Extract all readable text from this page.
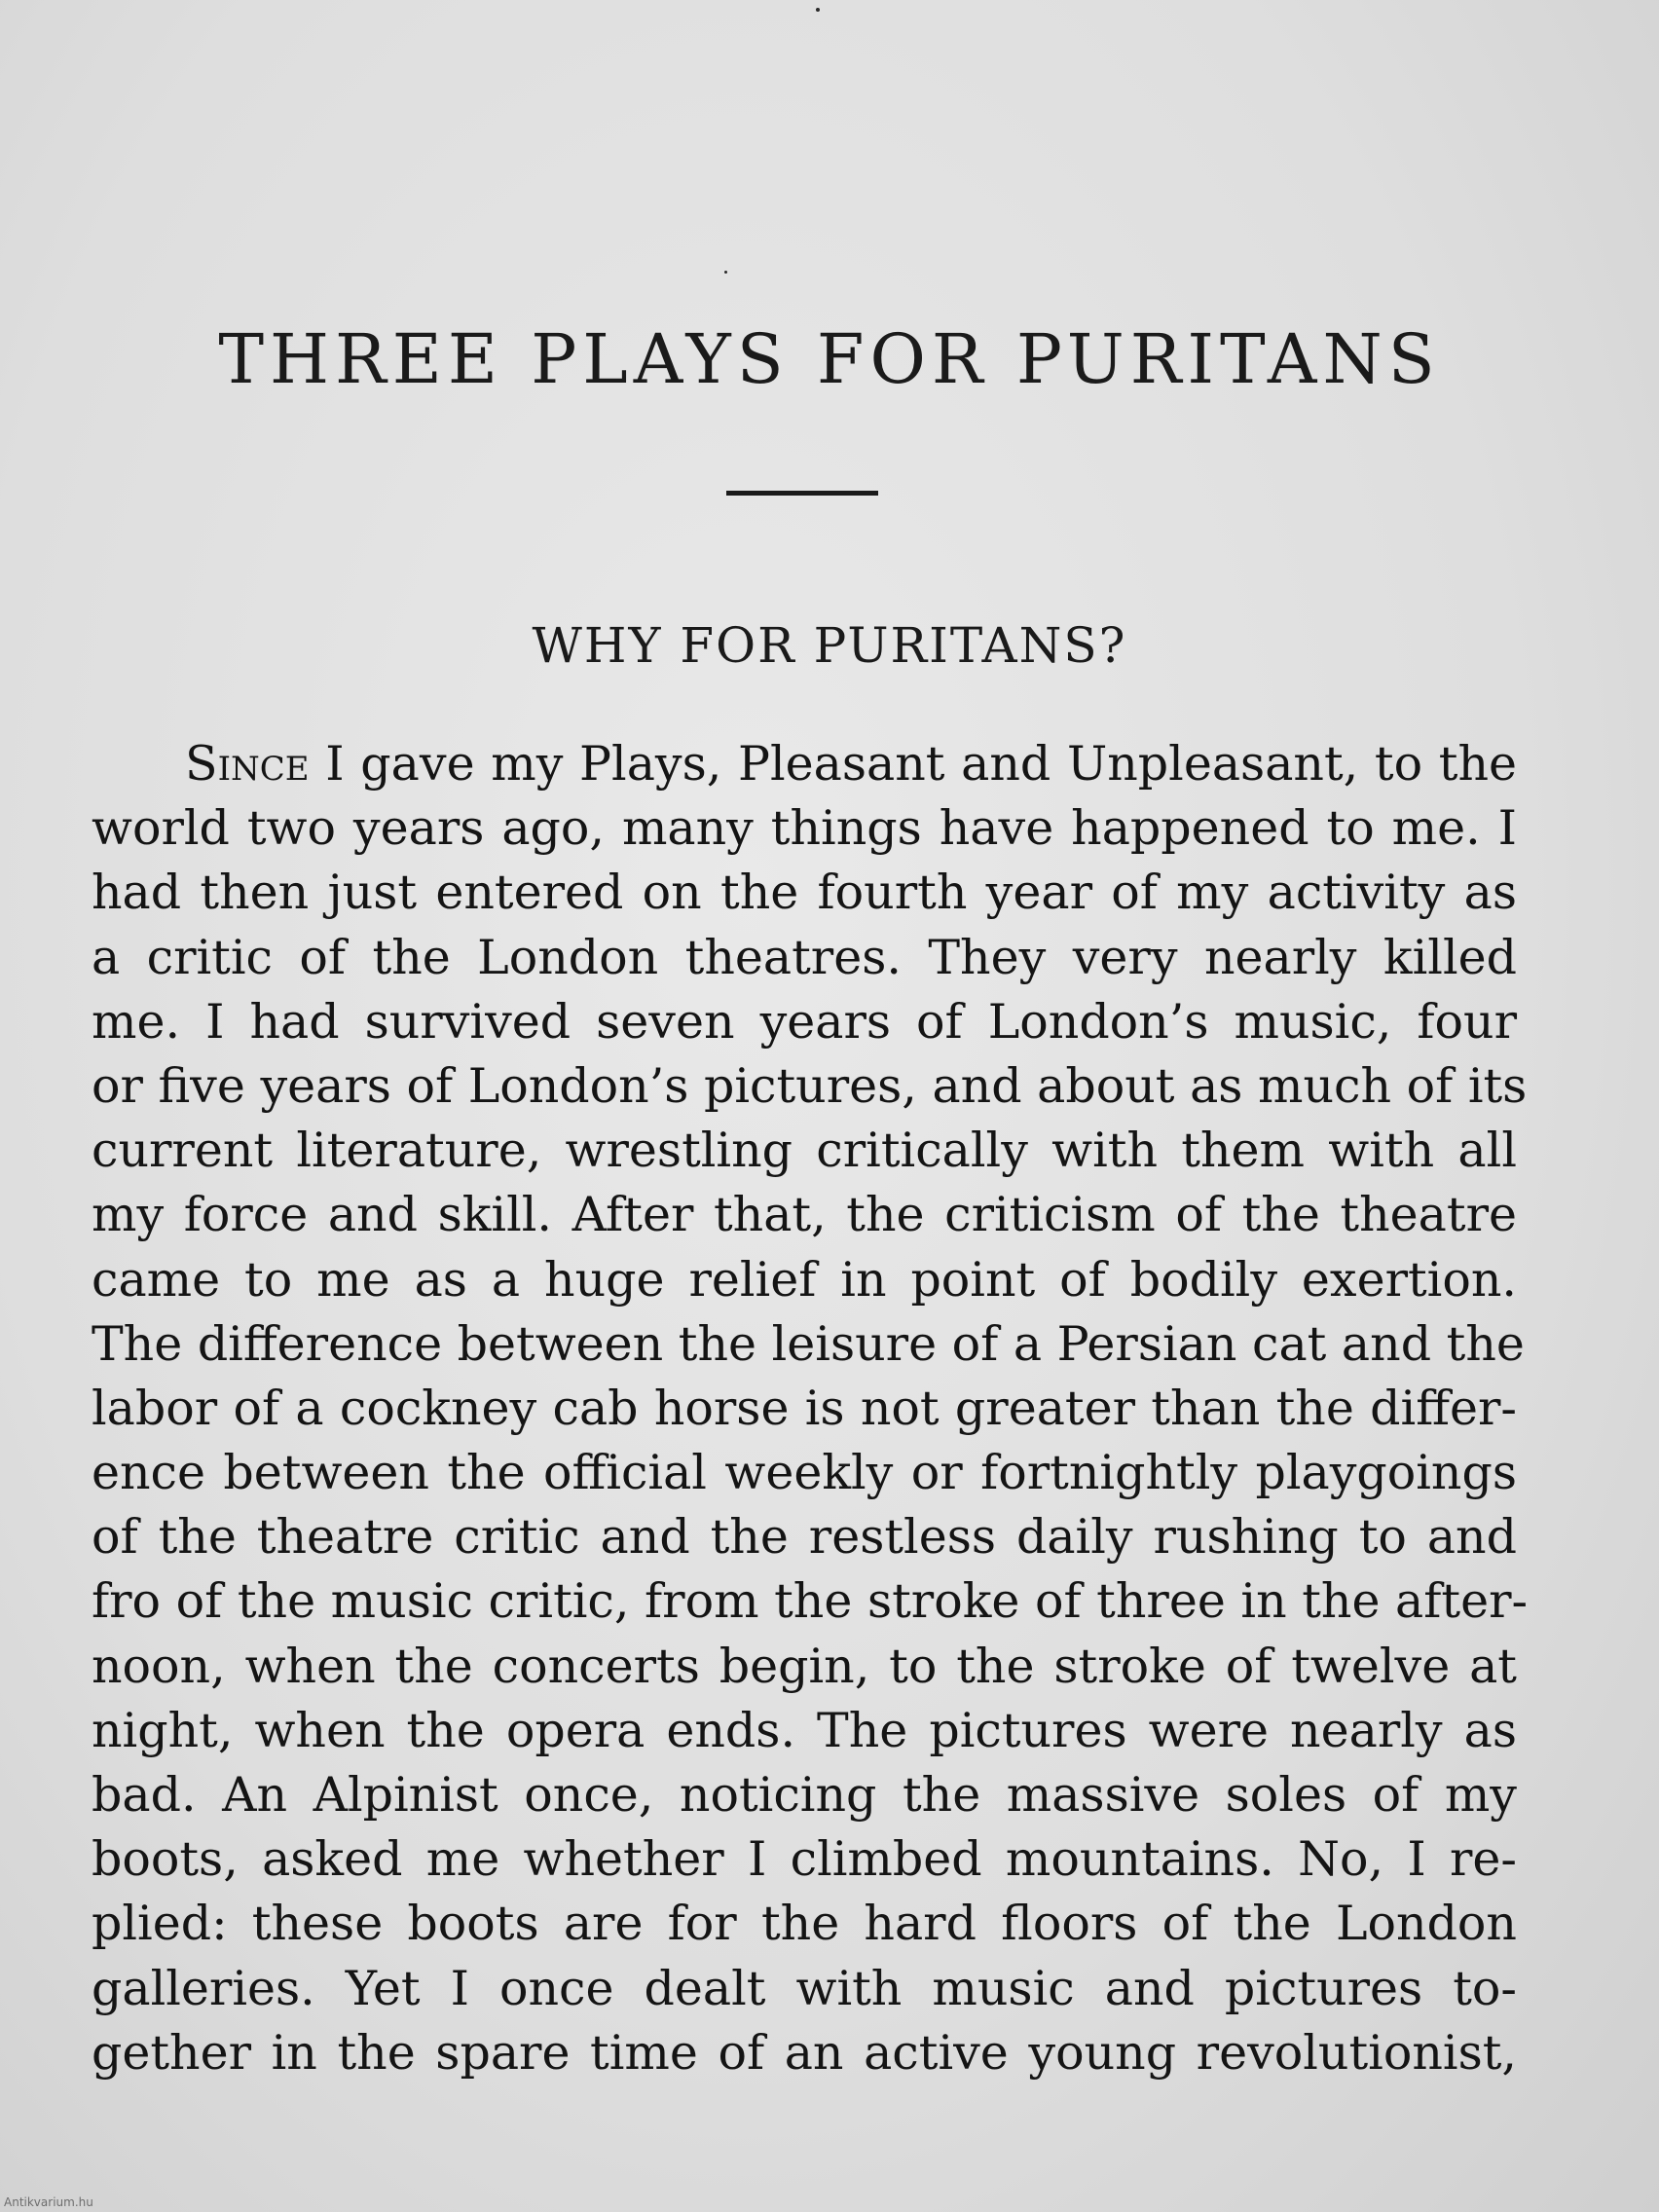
THREE PLAYS FOR PURITANS
WHY FOR PURITANS?
Since I gave my Plays, Pleasant and Unpleasant, to the
world two years ago, many things have happened to me. I
had then just entered on the fourth year of my activity as
a critic of the London theatres. They very nearly killed
me. I had survived seven years of London’s music, four
or five years of London’s pictures, and about as much of its
current literature, wrestling critically with them with all
my force and skill. After that, the criticism of the theatre
came to me as a huge relief in point of bodily exertion.
The difference between the leisure of a Persian cat and the
labor of a cockney cab horse is not greater than the differ-
ence between the official weekly or fortnightly playgoings
of the theatre critic and the restless daily rushing to and
fro of the music critic, from the stroke of three in the after-
noon, when the concerts begin, to the stroke of twelve at
night, when the opera ends. The pictures were nearly as
bad. An Alpinist once, noticing the massive soles of my
boots, asked me whether I climbed mountains. No, I re-
plied: these boots are for the hard floors of the London
galleries. Yet I once dealt with music and pictures to-
gether in the spare time of an active young revolutionist,
Antikvarium.hu
